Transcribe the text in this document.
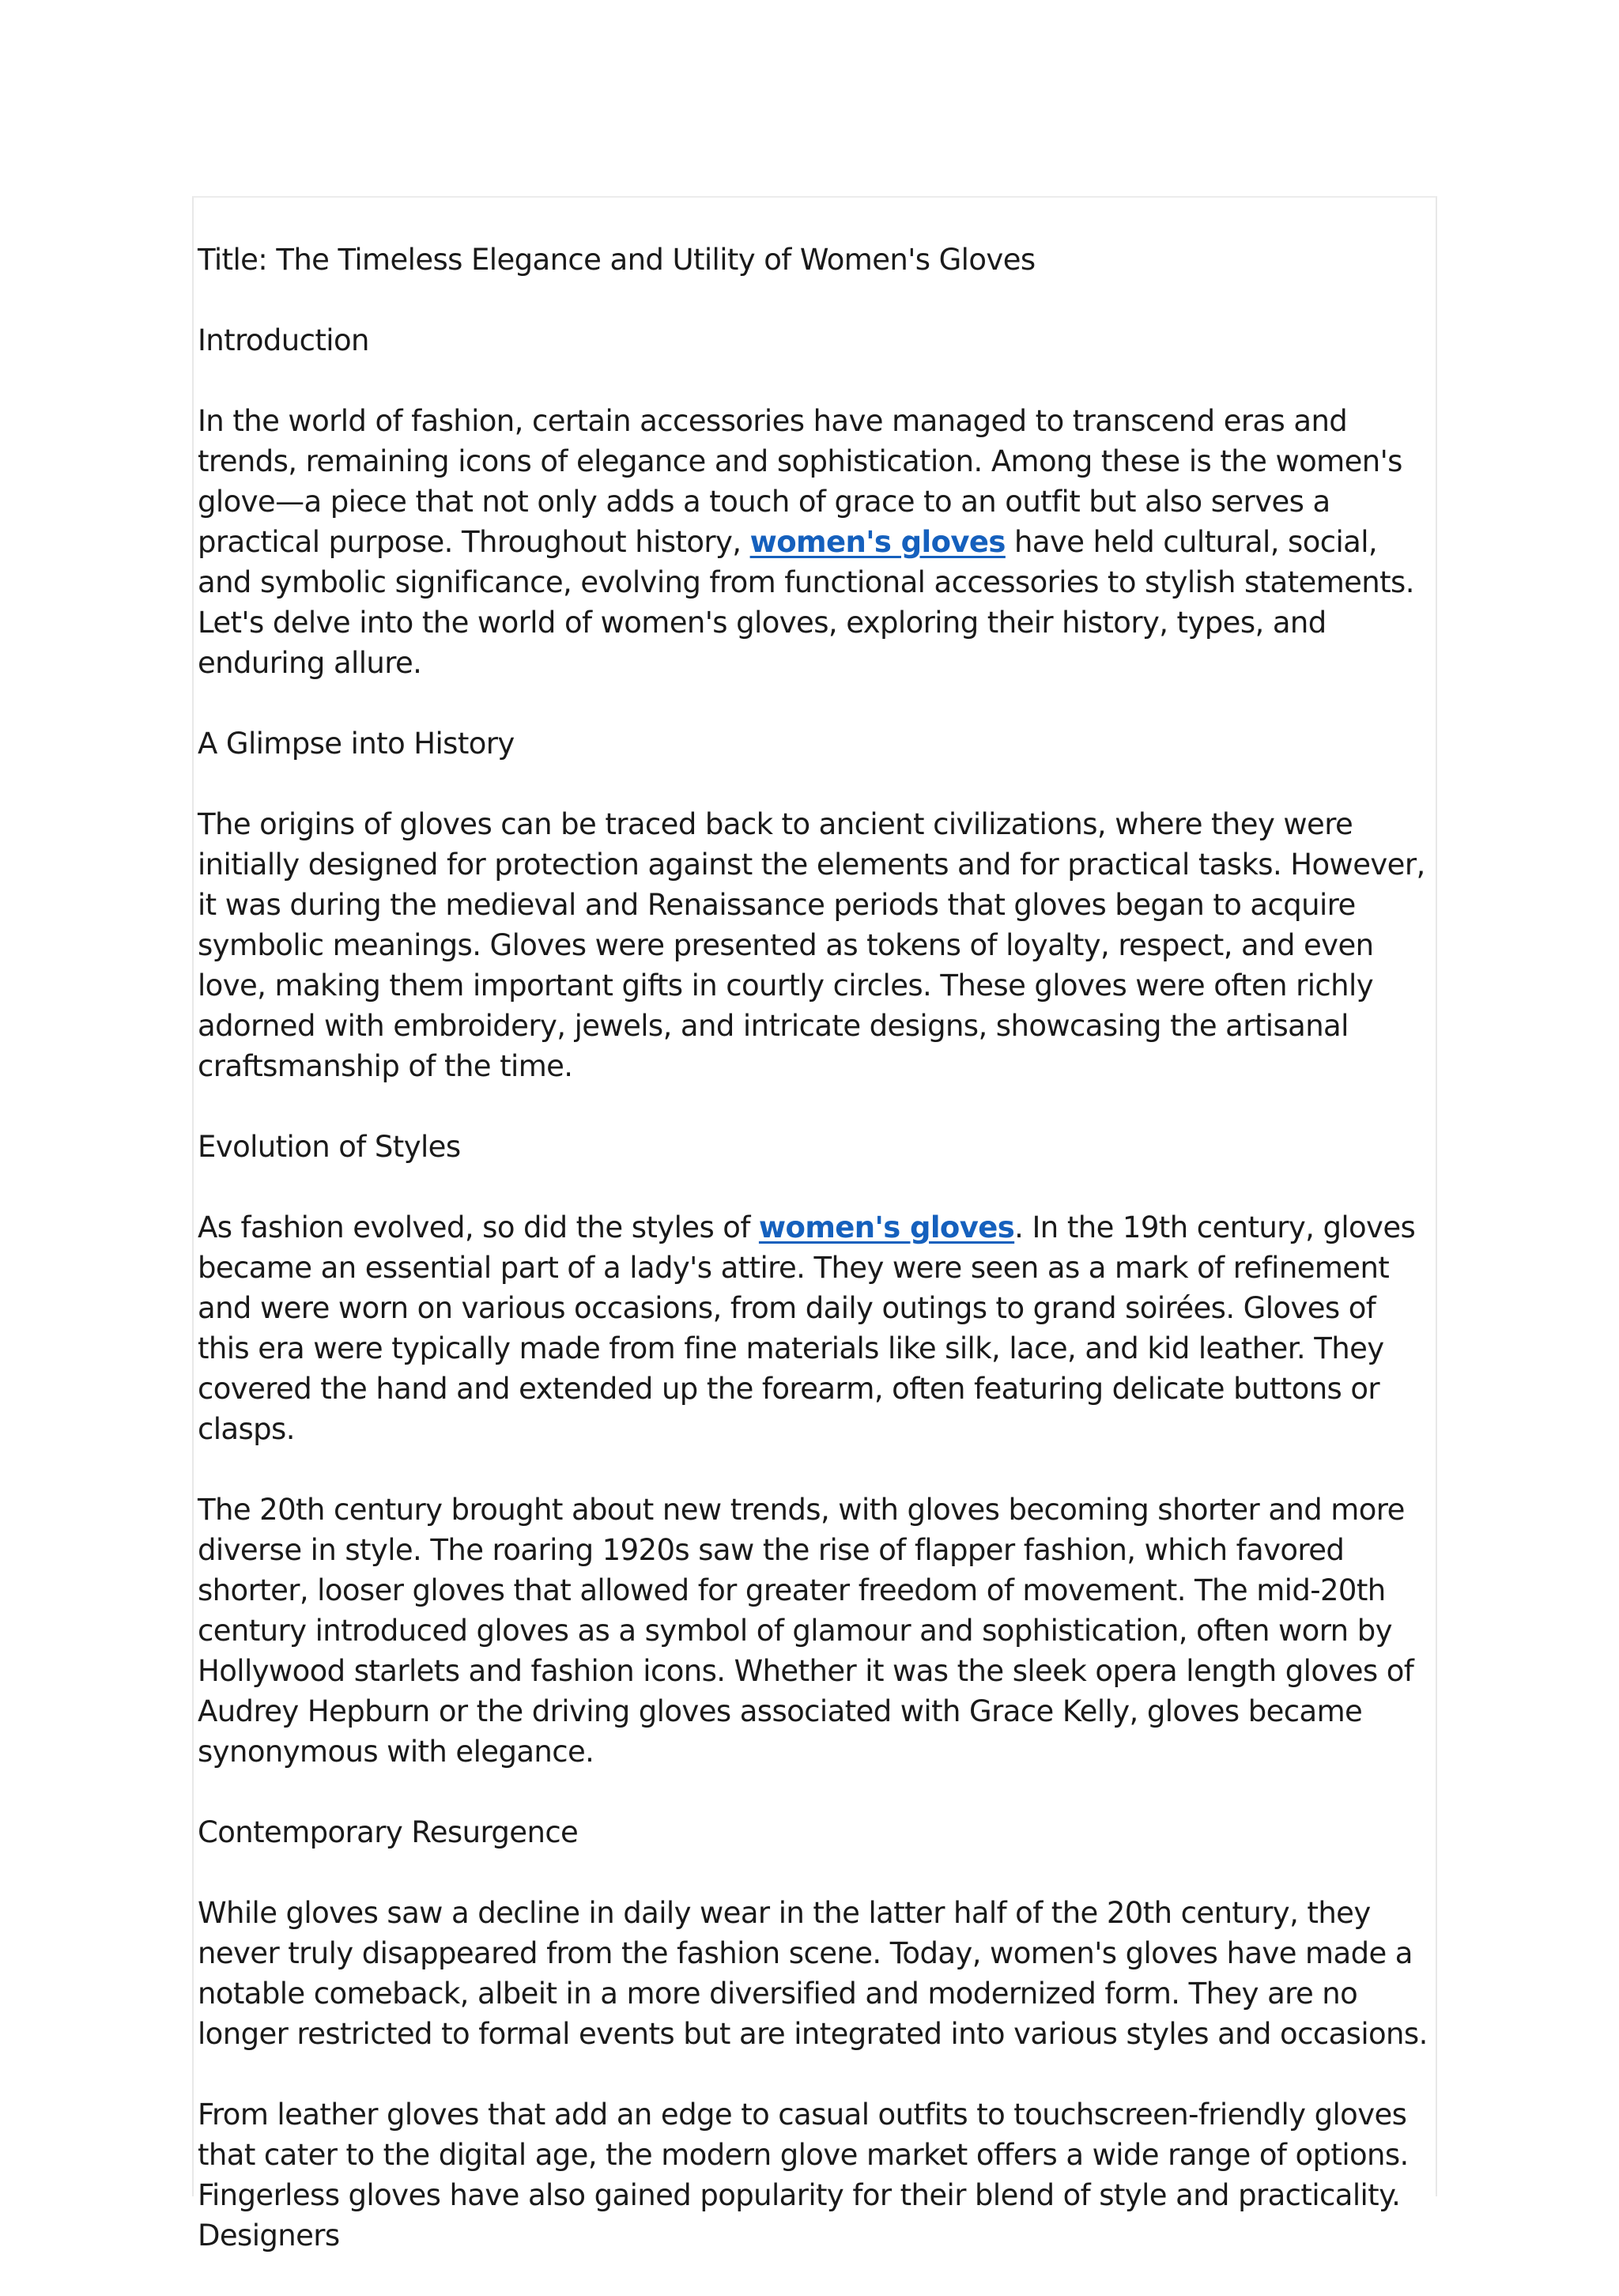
Title: The Timeless Elegance and Utility of Women's Gloves

Introduction

In the world of fashion, certain accessories have managed to transcend eras and trends, remaining icons of elegance and sophistication. Among these is the women's glove—a piece that not only adds a touch of grace to an outfit but also serves a practical purpose. Throughout history, women's gloves have held cultural, social, and symbolic significance, evolving from functional accessories to stylish statements. Let's delve into the world of women's gloves, exploring their history, types, and enduring allure.

A Glimpse into History

The origins of gloves can be traced back to ancient civilizations, where they were initially designed for protection against the elements and for practical tasks. However, it was during the medieval and Renaissance periods that gloves began to acquire symbolic meanings. Gloves were presented as tokens of loyalty, respect, and even love, making them important gifts in courtly circles. These gloves were often richly adorned with embroidery, jewels, and intricate designs, showcasing the artisanal craftsmanship of the time.

Evolution of Styles

As fashion evolved, so did the styles of women's gloves. In the 19th century, gloves became an essential part of a lady's attire. They were seen as a mark of refinement and were worn on various occasions, from daily outings to grand soirées. Gloves of this era were typically made from fine materials like silk, lace, and kid leather. They covered the hand and extended up the forearm, often featuring delicate buttons or clasps.

The 20th century brought about new trends, with gloves becoming shorter and more diverse in style. The roaring 1920s saw the rise of flapper fashion, which favored shorter, looser gloves that allowed for greater freedom of movement. The mid-20th century introduced gloves as a symbol of glamour and sophistication, often worn by Hollywood starlets and fashion icons. Whether it was the sleek opera length gloves of Audrey Hepburn or the driving gloves associated with Grace Kelly, gloves became synonymous with elegance.

Contemporary Resurgence

While gloves saw a decline in daily wear in the latter half of the 20th century, they never truly disappeared from the fashion scene. Today, women's gloves have made a notable comeback, albeit in a more diversified and modernized form. They are no longer restricted to formal events but are integrated into various styles and occasions.

From leather gloves that add an edge to casual outfits to touchscreen-friendly gloves that cater to the digital age, the modern glove market offers a wide range of options. Fingerless gloves have also gained popularity for their blend of style and practicality. Designers
